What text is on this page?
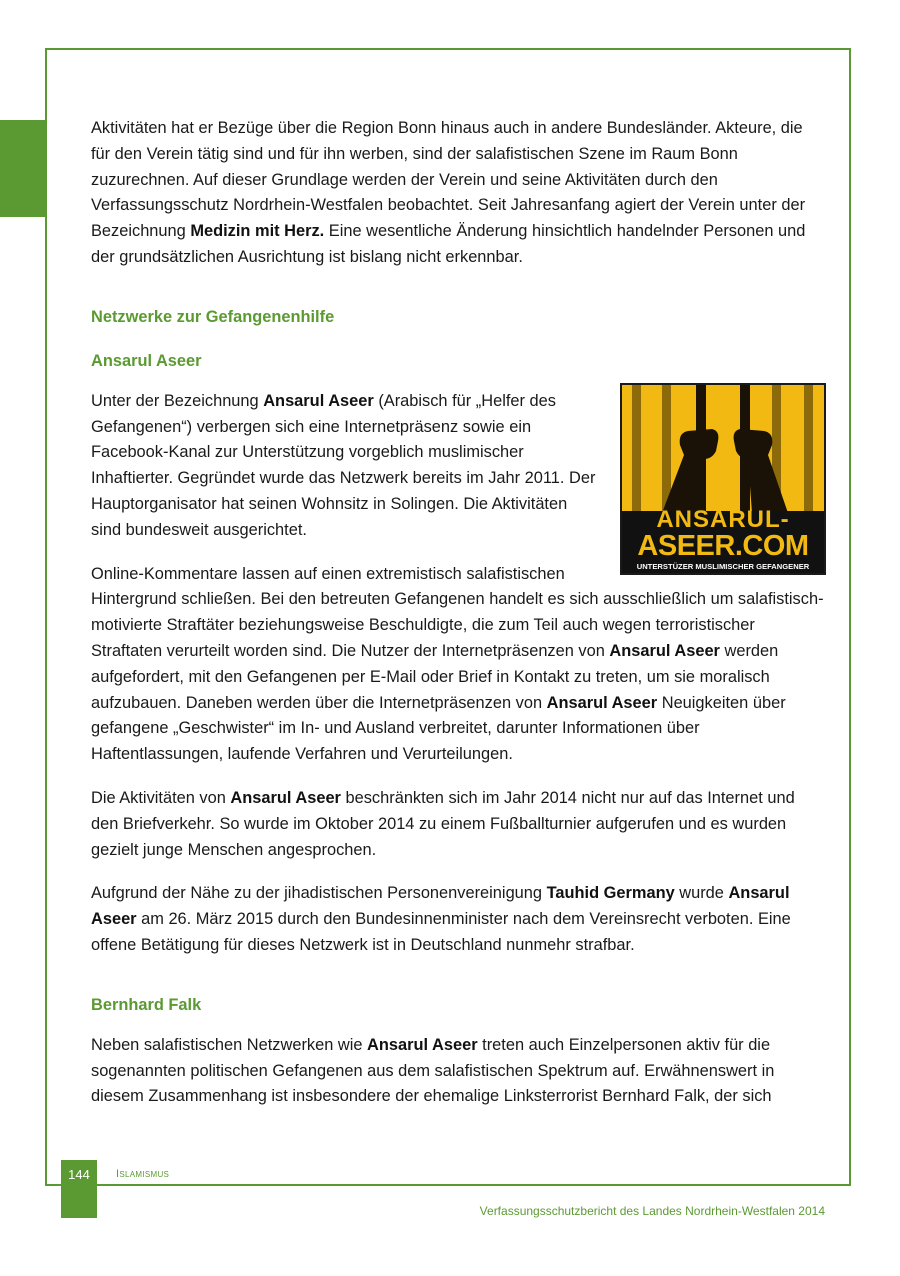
Aktivitäten hat er Bezüge über die Region Bonn hinaus auch in andere Bundesländer. Akteure, die für den Verein tätig sind und für ihn werben, sind der salafistischen Szene im Raum Bonn zuzurechnen. Auf dieser Grundlage werden der Verein und seine Aktivitäten durch den Verfassungsschutz Nordrhein-Westfalen beobachtet. Seit Jahresanfang agiert der Verein unter der Bezeichnung Medizin mit Herz. Eine wesentliche Änderung hinsichtlich handelnder Personen und der grundsätzlichen Ausrichtung ist bislang nicht erkennbar.

Netzwerke zur Gefangenenhilfe
Ansarul Aseer
ANSARUL-
ASEER.COM
UNTERSTÜZER MUSLIMISCHER GEFANGENER

Unter der Bezeichnung Ansarul Aseer (Arabisch für „Helfer des Gefangenen“) verbergen sich eine Internetpräsenz sowie ein Facebook-Kanal zur Unterstützung vorgeblich muslimischer Inhaftierter. Gegründet wurde das Netzwerk bereits im Jahr 2011. Der Hauptorganisator hat seinen Wohnsitz in Solingen. Die Aktivitäten sind bundesweit ausgerichtet.

Online-Kommentare lassen auf einen extremistisch salafistischen Hintergrund schließen. Bei den betreuten Gefangenen handelt es sich ausschließlich um salafistisch-motivierte Straftäter beziehungsweise Beschuldigte, die zum Teil auch wegen terroristischer Straftaten verurteilt worden sind. Die Nutzer der Internetpräsenzen von Ansarul Aseer werden aufgefordert, mit den Gefangenen per E-Mail oder Brief in Kontakt zu treten, um sie moralisch aufzubauen. Daneben werden über die Internetpräsenzen von Ansarul Aseer Neuigkeiten über gefangene „Geschwister“ im In- und Ausland verbreitet, darunter Informationen über Haftentlassungen, laufende Verfahren und Verurteilungen.

Die Aktivitäten von Ansarul Aseer beschränkten sich im Jahr 2014 nicht nur auf das Internet und den Briefverkehr. So wurde im Oktober 2014 zu einem Fußballturnier aufgerufen und es wurden gezielt junge Menschen angesprochen.

Aufgrund der Nähe zu der jihadistischen Personenvereinigung Tauhid Germany wurde Ansarul Aseer am 26. März 2015 durch den Bundesinnenminister nach dem Vereinsrecht verboten. Eine offene Betätigung für dieses Netzwerk ist in Deutschland nunmehr strafbar.

Bernhard Falk

Neben salafistischen Netzwerken wie Ansarul Aseer treten auch Einzelpersonen aktiv für die sogenannten politischen Gefangenen aus dem salafistischen Spektrum auf. Erwähnenswert in diesem Zusammenhang ist insbesondere der ehemalige Linksterrorist Bernhard Falk, der sich

144	Islamismus
Verfassungsschutzbericht des Landes Nordrhein-Westfalen 2014
